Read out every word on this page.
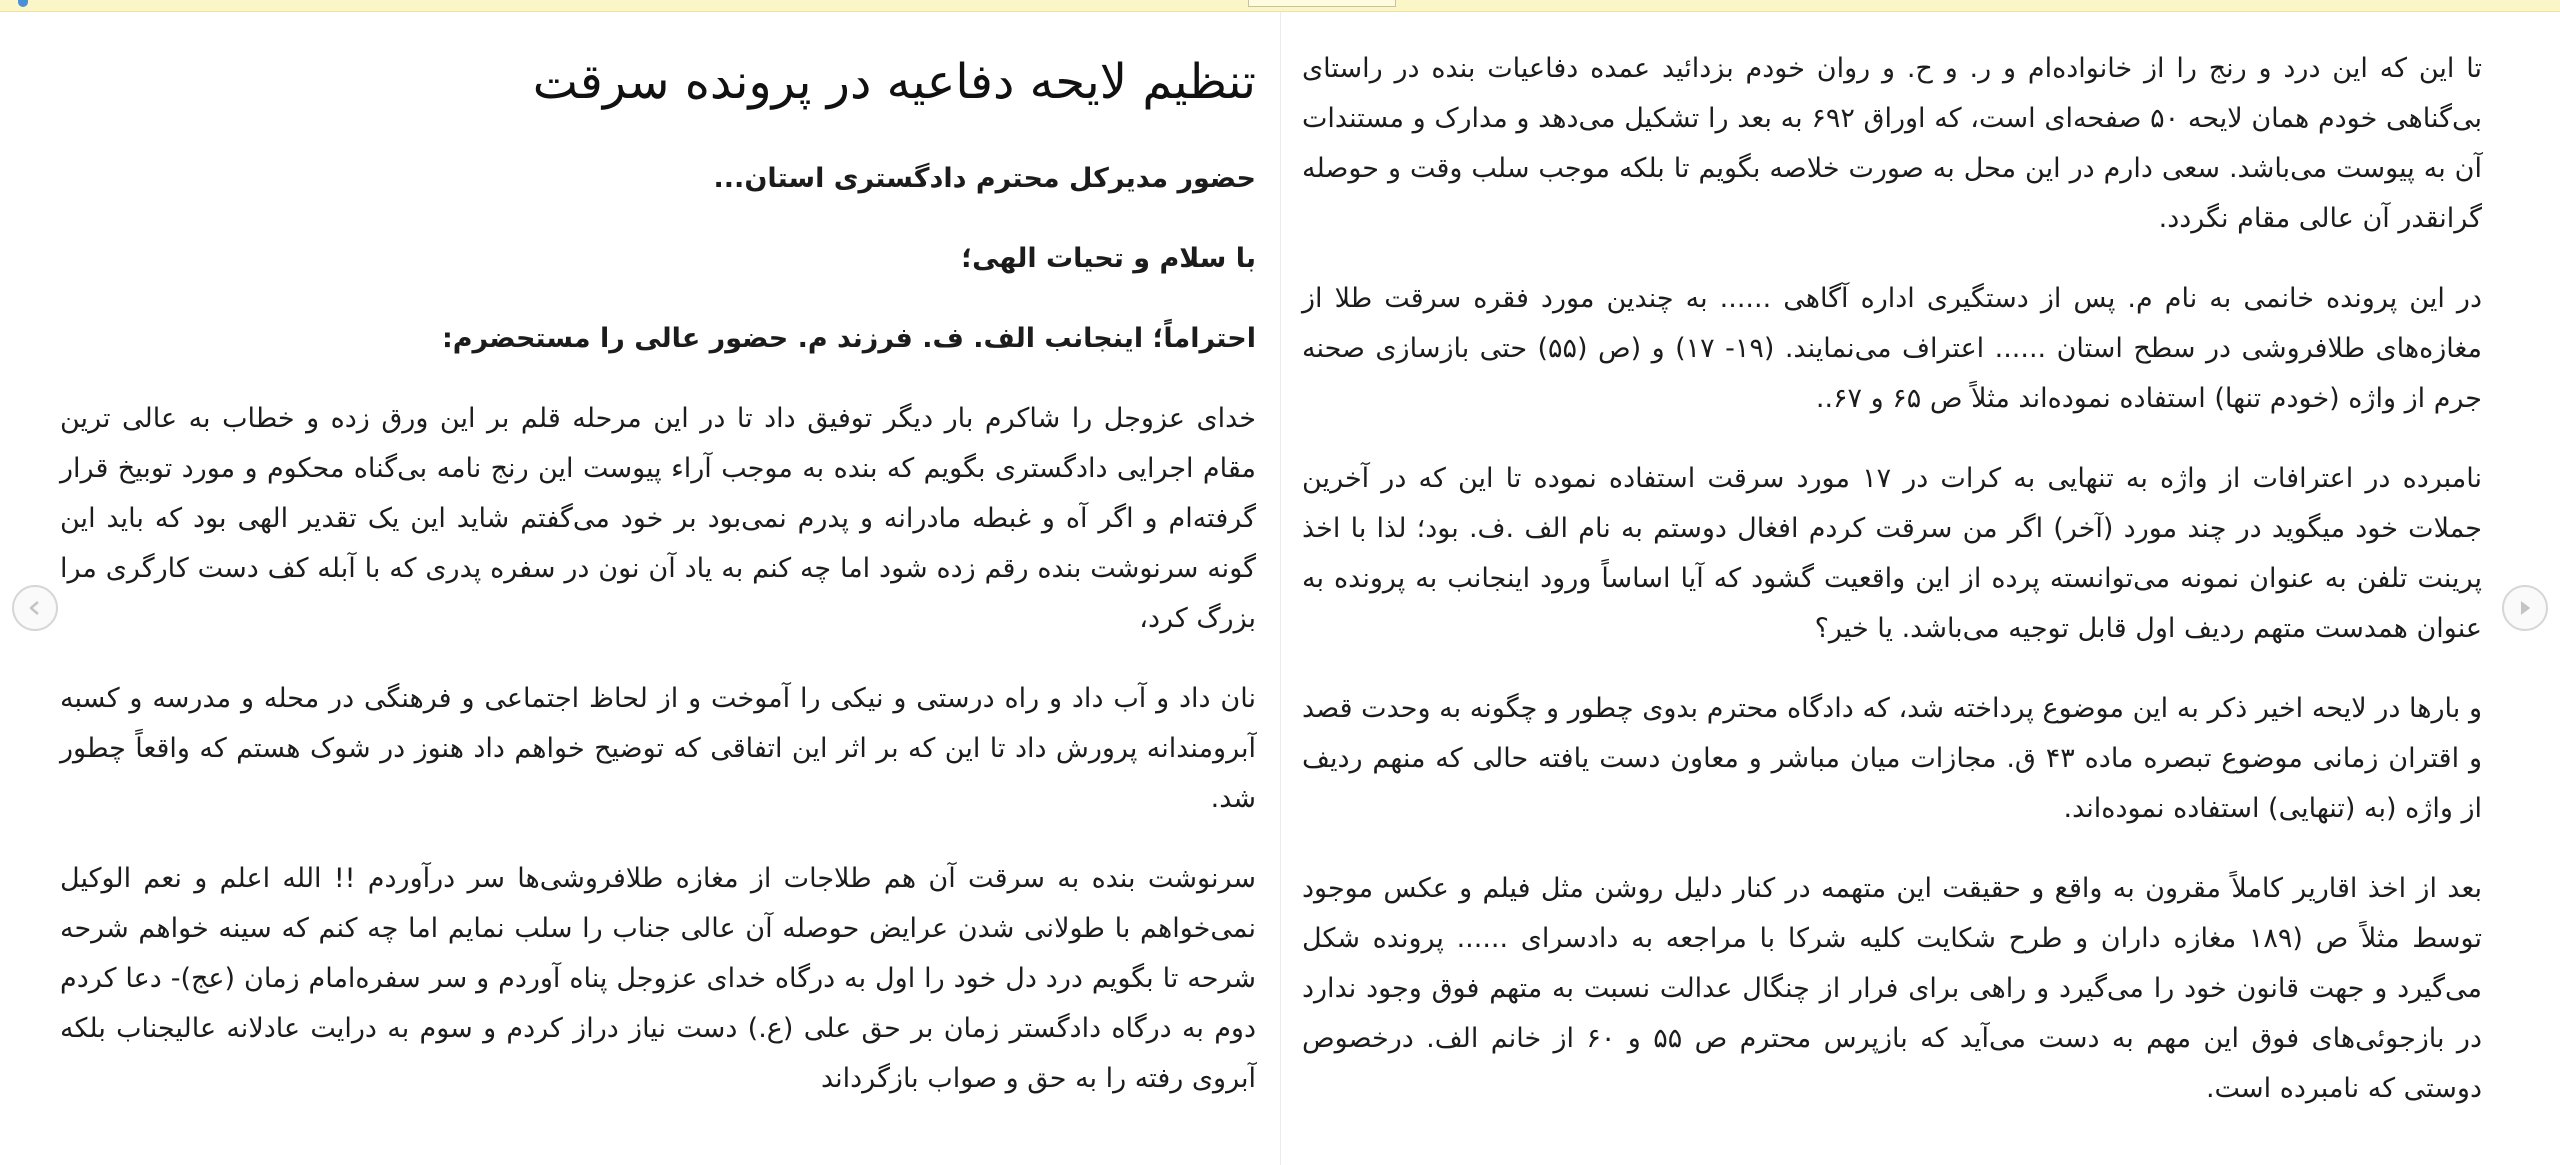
تنظیم لایحه دفاعیه در پرونده سرقت

حضور مدیرکل محترم دادگستری استان...

با سلام و تحیات الهی؛

احتراماً؛ اینجانب الف. ف. فرزند م. حضور عالی را مستحضرم:

خدای عزوجل را شاکرم بار دیگر توفیق داد تا در این مرحله قلم بر این ورق زده و خطاب به عالی ترین مقام اجرایی دادگستری بگویم که بنده به موجب آراء پیوست این رنج نامه بی‌گناه محکوم و مورد توبیخ قرار گرفته‌ام و اگر آه و غبطه مادرانه و پدرم نمی‌بود بر خود می‌گفتم شاید این یک تقدیر الهی بود که باید این گونه سرنوشت بنده رقم زده شود اما چه کنم به یاد آن نون در سفره پدری که با آبله کف دست کارگری مرا بزرگ کرد،

نان داد و آب داد و راه درستی و نیکی را آموخت و از لحاظ اجتماعی و فرهنگی در محله و مدرسه و کسبه آبرومندانه پرورش داد تا این که بر اثر این اتفاقی که توضیح خواهم داد هنوز در شوک هستم که واقعاً چطور شد.

سرنوشت بنده به سرقت آن هم طلاجات از مغازه طلافروشی‌ها سر درآوردم !! الله اعلم و نعم الوکیل نمی‌خواهم با طولانی شدن عرایض حوصله آن عالی جناب را سلب نمایم اما چه کنم که سینه خواهم شرحه شرحه تا بگویم درد دل خود را اول به درگاه خدای عزوجل پناه آوردم و سر سفره‌امام زمان (عج)- دعا کردم دوم به درگاه دادگستر زمان بر حق علی (ع.) دست نیاز دراز کردم و سوم به درایت عادلانه عالیجناب بلکه آبروی رفته را به حق و صواب بازگرداند

تا این که این درد و رنج را از خانواده‌ام و ر. و ح. و روان خودم بزدائید عمده دفاعیات بنده در راستای بی‌گناهی خودم همان لایحه ۵۰ صفحه‌ای است، که اوراق ۶۹۲ به بعد را تشکیل می‌دهد و مدارک و مستندات آن به پیوست می‌باشد. سعی دارم در این محل به صورت خلاصه بگویم تا بلکه موجب سلب وقت و حوصله گرانقدر آن عالی مقام نگردد.

در این پرونده خانمی به نام م. پس از دستگیری اداره آگاهی ...... به چندین مورد فقره سرقت طلا از مغازه‌های طلافروشی در سطح استان ...... اعتراف می‌نمایند. (۱۹- ۱۷) و (ص (۵۵) حتی بازسازی صحنه جرم از واژه (خودم تنها) استفاده نموده‌اند مثلاً ص ۶۵ و ۶۷..

نامبرده در اعترافات از واژه به تنهایی به کرات در ۱۷ مورد سرقت استفاده نموده تا این که در آخرین جملات خود میگوید در چند مورد (آخر) اگر من سرقت کردم افغال دوستم به نام الف .ف. بود؛ لذا با اخذ پرینت تلفن به عنوان نمونه می‌توانسته پرده از این واقعیت گشود که آیا اساساً ورود اینجانب به پرونده به عنوان همدست متهم ردیف اول قابل توجیه می‌باشد. یا خیر؟

و بارها در لایحه اخیر ذکر به این موضوع پرداخته شد، که دادگاه محترم بدوی چطور و چگونه به وحدت قصد و اقتران زمانی موضوع تبصره ماده ۴۳ ق. مجازات میان مباشر و معاون دست یافته حالی که منهم ردیف از واژه (به (تنهایی) استفاده نموده‌اند.

بعد از اخذ اقاریر کاملاً مقرون به واقع و حقیقت این متهمه در کنار دلیل روشن مثل فیلم و عکس موجود توسط مثلاً ص (۱۸۹ مغازه داران و طرح شکایت کلیه شرکا با مراجعه به دادسرای ...... پرونده شکل می‌گیرد و جهت قانون خود را می‌گیرد و راهی برای فرار از چنگال عدالت نسبت به متهم فوق وجود ندارد در بازجوئی‌های فوق این مهم به دست می‌آید که بازپرس محترم ص ۵۵ و ۶۰ از خانم الف. درخصوص دوستی که نامبرده است.
